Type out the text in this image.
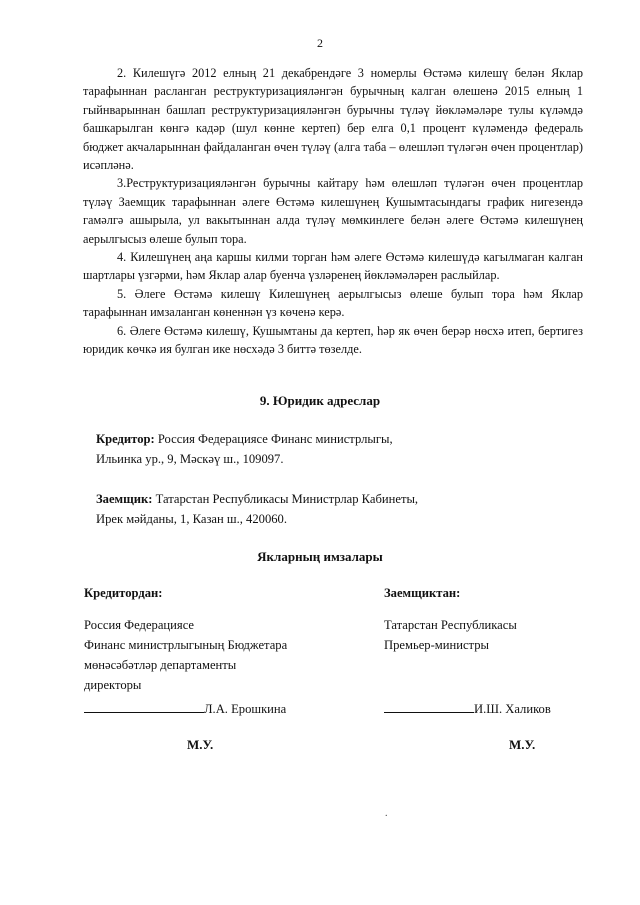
2

2. Килешүгә 2012 елның 21 декабрендәге 3 номерлы Өстәмә килешү белән Яклар тарафыннан расланган реструктуризацияләнгән бурычның калган өлешенә 2015 елның 1 гыйнварыннан башлап реструктуризацияләнгән бурычны түләү йөкләмәләре тулы күләмдә башкарылган көнгә кадәр (шул көнне кертеп) бер елга 0,1 процент күләмендә федераль бюджет акчаларыннан файдаланган өчен түләү (алга таба – өлешләп түләгән өчен процентлар) исәпләнә.

3.Реструктуризацияләнгән бурычны кайтару һәм өлешләп түләгән өчен процентлар түләү Заемщик тарафыннан әлеге Өстәмә килешүнең Кушымтасындагы график нигезендә гамәлгә ашырыла, ул вакытыннан алда түләү мөмкинлеге белән әлеге Өстәмә килешүнең аерылгысыз өлеше булып тора.

4. Килешүнең аңа каршы килми торган һәм әлеге Өстәмә килешүдә кагылмаган калган шартлары үзгәрми, һәм Яклар алар буенча үзләренең йөкләмәләрен раслыйлар.

5. Әлеге Өстәмә килешү Килешүнең аерылгысыз өлеше булып тора һәм Яклар тарафыннан имзаланган көненнән үз көченә керә.

6. Әлеге Өстәмә килешү, Кушымтаны да кертеп, һәр як өчен берәр нөсхә итеп, бертигез юридик көчкә ия булган ике нөсхәдә 3 биттә төзелде.

9. Юридик адреслар
Кредитор: Россия Федерациясе Финанс министрлыгы,
Ильинка ур., 9, Мәскәү ш., 109097.
Заемщик: Татарстан Республикасы Министрлар Кабинеты,
Ирек мәйданы, 1, Казан ш., 420060.
Якларның имзалары
Кредитордан:
Россия Федерациясе
Финанс министрлыгының Бюджетара
мөнәсәбәтләр департаменты
директоры
Л.А. Ерошкина
Заемщиктан:
Татарстан Республикасы
Премьер-министры
И.Ш. Халиков
М.У.	М.У.
.
